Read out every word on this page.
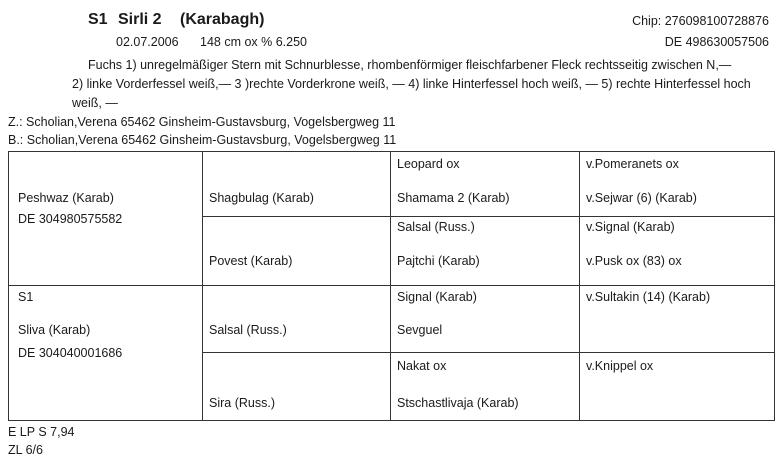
S1 Sirli 2 (Karabagh)	Chip: 276098100728876
02.07.2006 148 cm ox % 6.250	DE 498630057506
Fuchs 1) unregelmäßiger Stern mit Schnurblesse, rhombenförmiger fleischfarbener Fleck rechtsseitig zwischen N,—
2) linke Vorderfessel weiß,— 3 )rechte Vorderkrone weiß, — 4) linke Hinterfessel hoch weiß, — 5) rechte Hinterfessel hoch
weiß, —
Z.: Scholian,Verena 65462 Ginsheim-Gustavsburg, Vogelsbergweg 11
B.: Scholian,Verena 65462 Ginsheim-Gustavsburg, Vogelsbergweg 11
Peshwaz (Karab)
DE 304980575582
Shagbulag (Karab)
Povest (Karab)
Leopard ox
Shamama 2 (Karab)
Salsal (Russ.)
Pajtchi (Karab)
v.Pomeranets ox
v.Sejwar (6) (Karab)
v.Signal (Karab)
v.Pusk ox (83) ox
S1
Sliva (Karab)
DE 304040001686
Salsal (Russ.)
Sira (Russ.)
Signal (Karab)
Sevguel
Nakat ox
Stschastlivaja (Karab)
v.Sultakin (14) (Karab)
v.Knippel ox
E LP S 7,94
ZL 6/6
